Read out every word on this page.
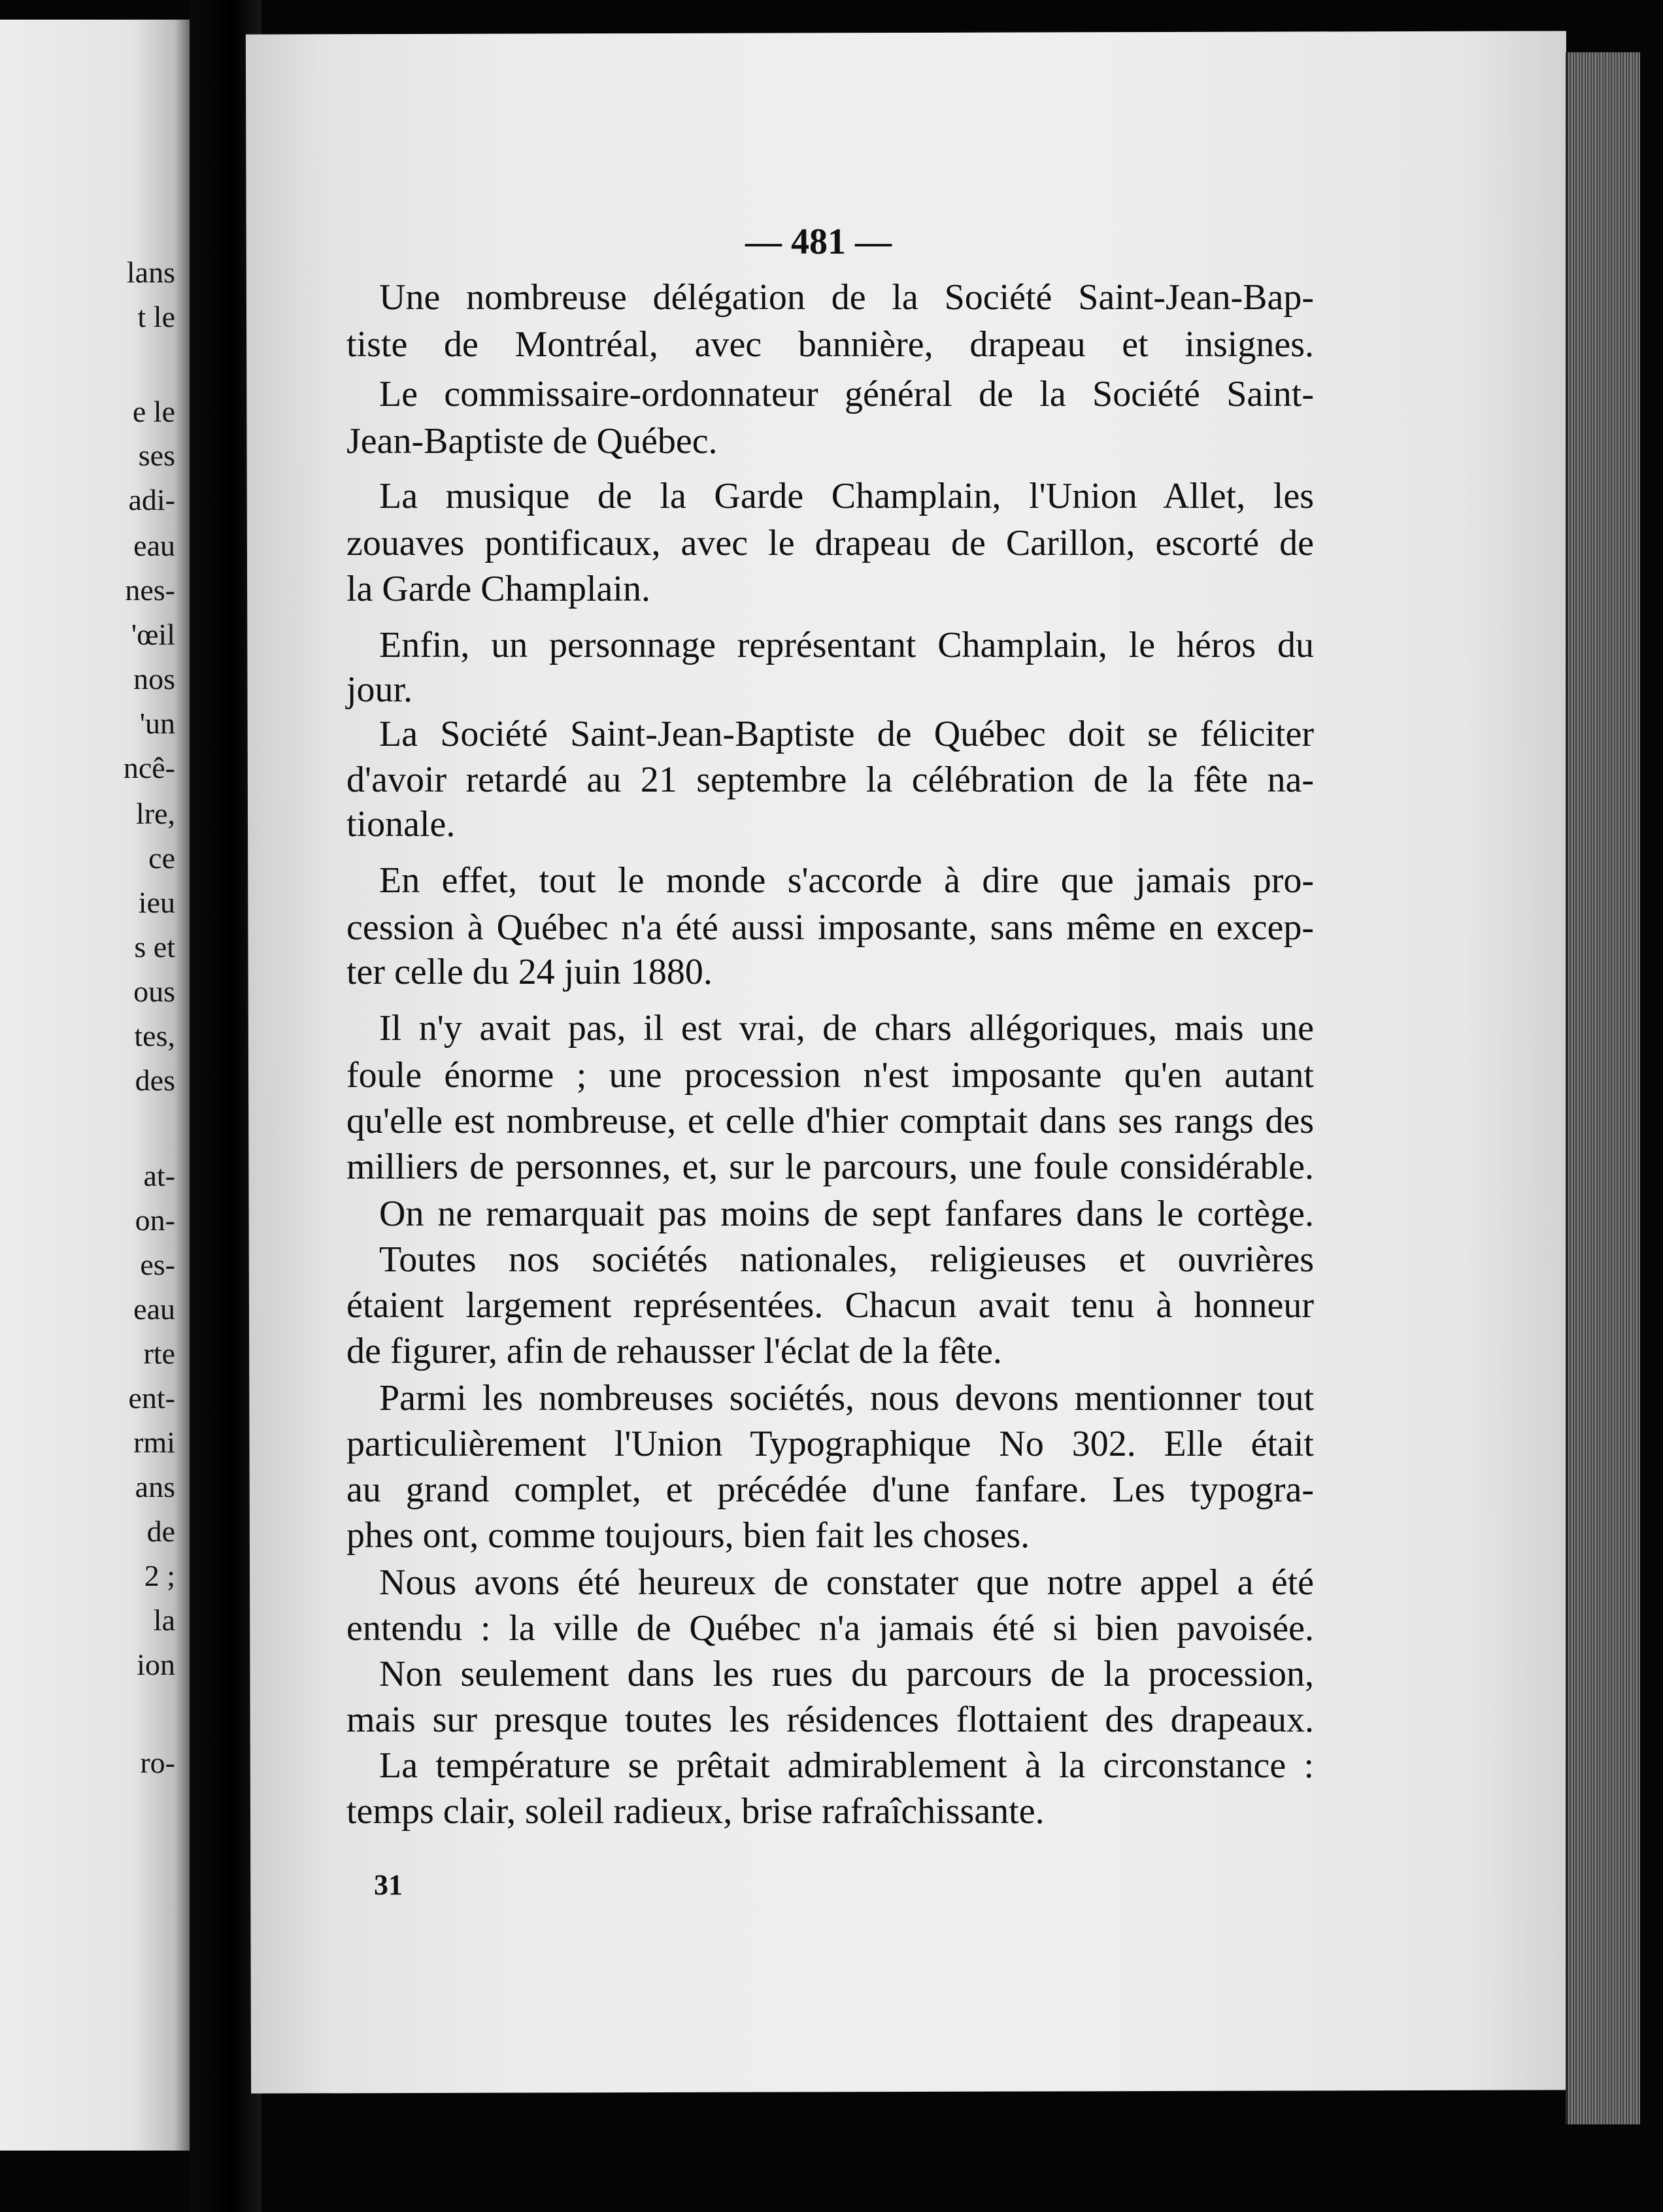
lans
t le
e le
ses
adi-
eau
nes-
'œil
nos
'un
ncê-
lre,
ce
ieu
s et
ous
tes,
des
at-
on-
es-
eau
rte
ent-
rmi
ans
de
2 ;
la
ion
ro-
— 481 —
Une nombreuse délégation de la Société Saint-Jean-Bap-
tiste de Montréal, avec bannière, drapeau et insignes.
Le commissaire-ordonnateur général de la Société Saint-
Jean-Baptiste de Québec.
La musique de la Garde Champlain, l'Union Allet, les
zouaves pontificaux, avec le drapeau de Carillon, escorté de
la Garde Champlain.
Enfin, un personnage représentant Champlain, le héros du
jour.
La Société Saint-Jean-Baptiste de Québec doit se féliciter
d'avoir retardé au 21 septembre la célébration de la fête na-
tionale.
En effet, tout le monde s'accorde à dire que jamais pro-
cession à Québec n'a été aussi imposante, sans même en excep-
ter celle du 24 juin 1880.
Il n'y avait pas, il est vrai, de chars allégoriques, mais une
foule énorme ; une procession n'est imposante qu'en autant
qu'elle est nombreuse, et celle d'hier comptait dans ses rangs des
milliers de personnes, et, sur le parcours, une foule considérable.
On ne remarquait pas moins de sept fanfares dans le cortège.
Toutes nos sociétés nationales, religieuses et ouvrières
étaient largement représentées. Chacun avait tenu à honneur
de figurer, afin de rehausser l'éclat de la fête.
Parmi les nombreuses sociétés, nous devons mentionner tout
particulièrement l'Union Typographique No 302. Elle était
au grand complet, et précédée d'une fanfare. Les typogra-
phes ont, comme toujours, bien fait les choses.
Nous avons été heureux de constater que notre appel a été
entendu : la ville de Québec n'a jamais été si bien pavoisée.
Non seulement dans les rues du parcours de la procession,
mais sur presque toutes les résidences flottaient des drapeaux.
La température se prêtait admirablement à la circonstance :
temps clair, soleil radieux, brise rafraîchissante.
31
